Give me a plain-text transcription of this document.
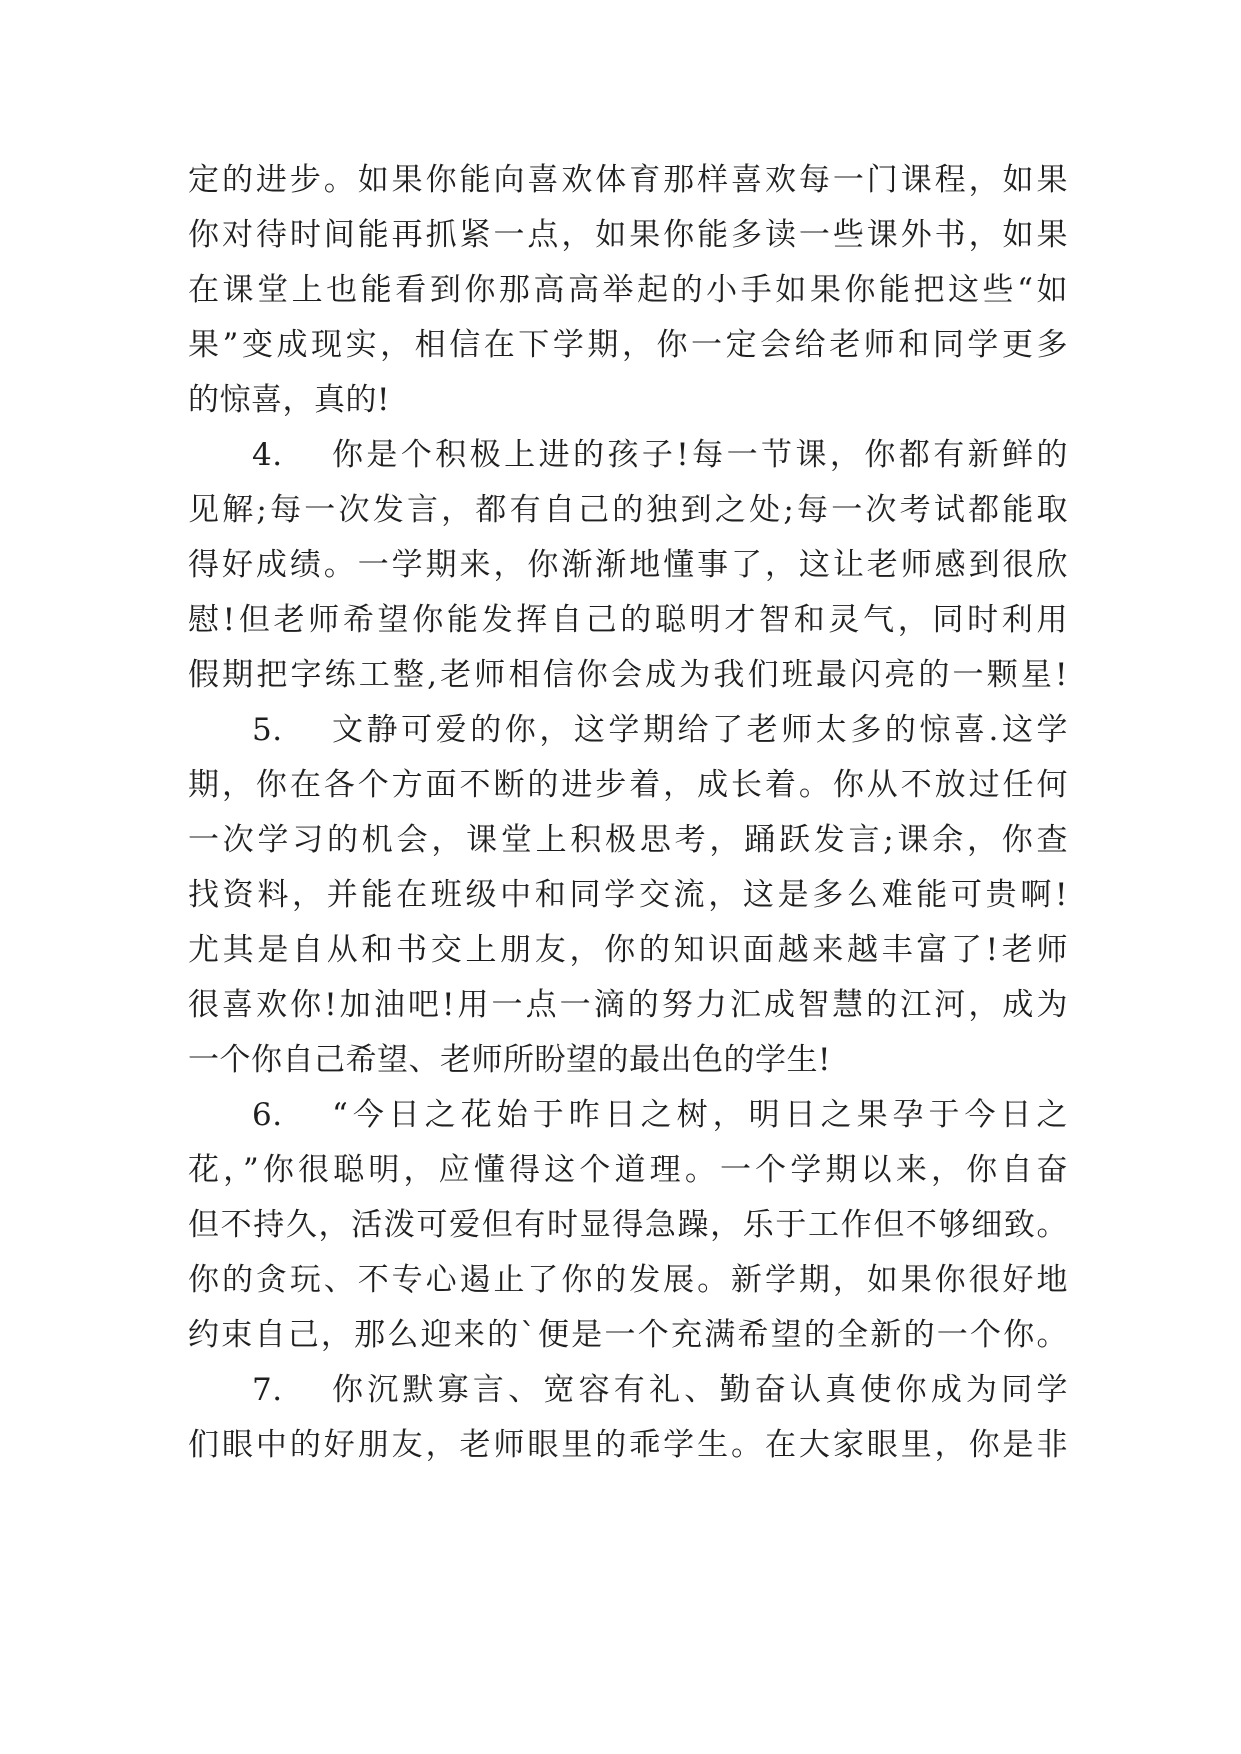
定的进步。如果你能向喜欢体育那样喜欢每一门课程，如果
你对待时间能再抓紧一点，如果你能多读一些课外书，如果
在课堂上也能看到你那高高举起的小手如果你能把这些“如
果”变成现实，相信在下学期，你一定会给老师和同学更多
的惊喜，真的!
4. 你是个积极上进的孩子!每一节课，你都有新鲜的
见解;每一次发言，都有自己的独到之处;每一次考试都能取
得好成绩。一学期来，你渐渐地懂事了，这让老师感到很欣
慰!但老师希望你能发挥自己的聪明才智和灵气，同时利用
假期把字练工整,老师相信你会成为我们班最闪亮的一颗星!
5. 文静可爱的你，这学期给了老师太多的惊喜.这学
期，你在各个方面不断的进步着，成长着。你从不放过任何
一次学习的机会，课堂上积极思考，踊跃发言;课余，你查
找资料，并能在班级中和同学交流，这是多么难能可贵啊!
尤其是自从和书交上朋友，你的知识面越来越丰富了!老师
很喜欢你!加油吧!用一点一滴的努力汇成智慧的江河，成为
一个你自己希望、老师所盼望的最出色的学生!
6. “今日之花始于昨日之树，明日之果孕于今日之
花，”你很聪明，应懂得这个道理。一个学期以来，你自奋
但不持久，活泼可爱但有时显得急躁，乐于工作但不够细致。
你的贪玩、不专心遏止了你的发展。新学期，如果你很好地
约束自己，那么迎来的`便是一个充满希望的全新的一个你。
7. 你沉默寡言、宽容有礼、勤奋认真使你成为同学
们眼中的好朋友，老师眼里的乖学生。在大家眼里，你是非
